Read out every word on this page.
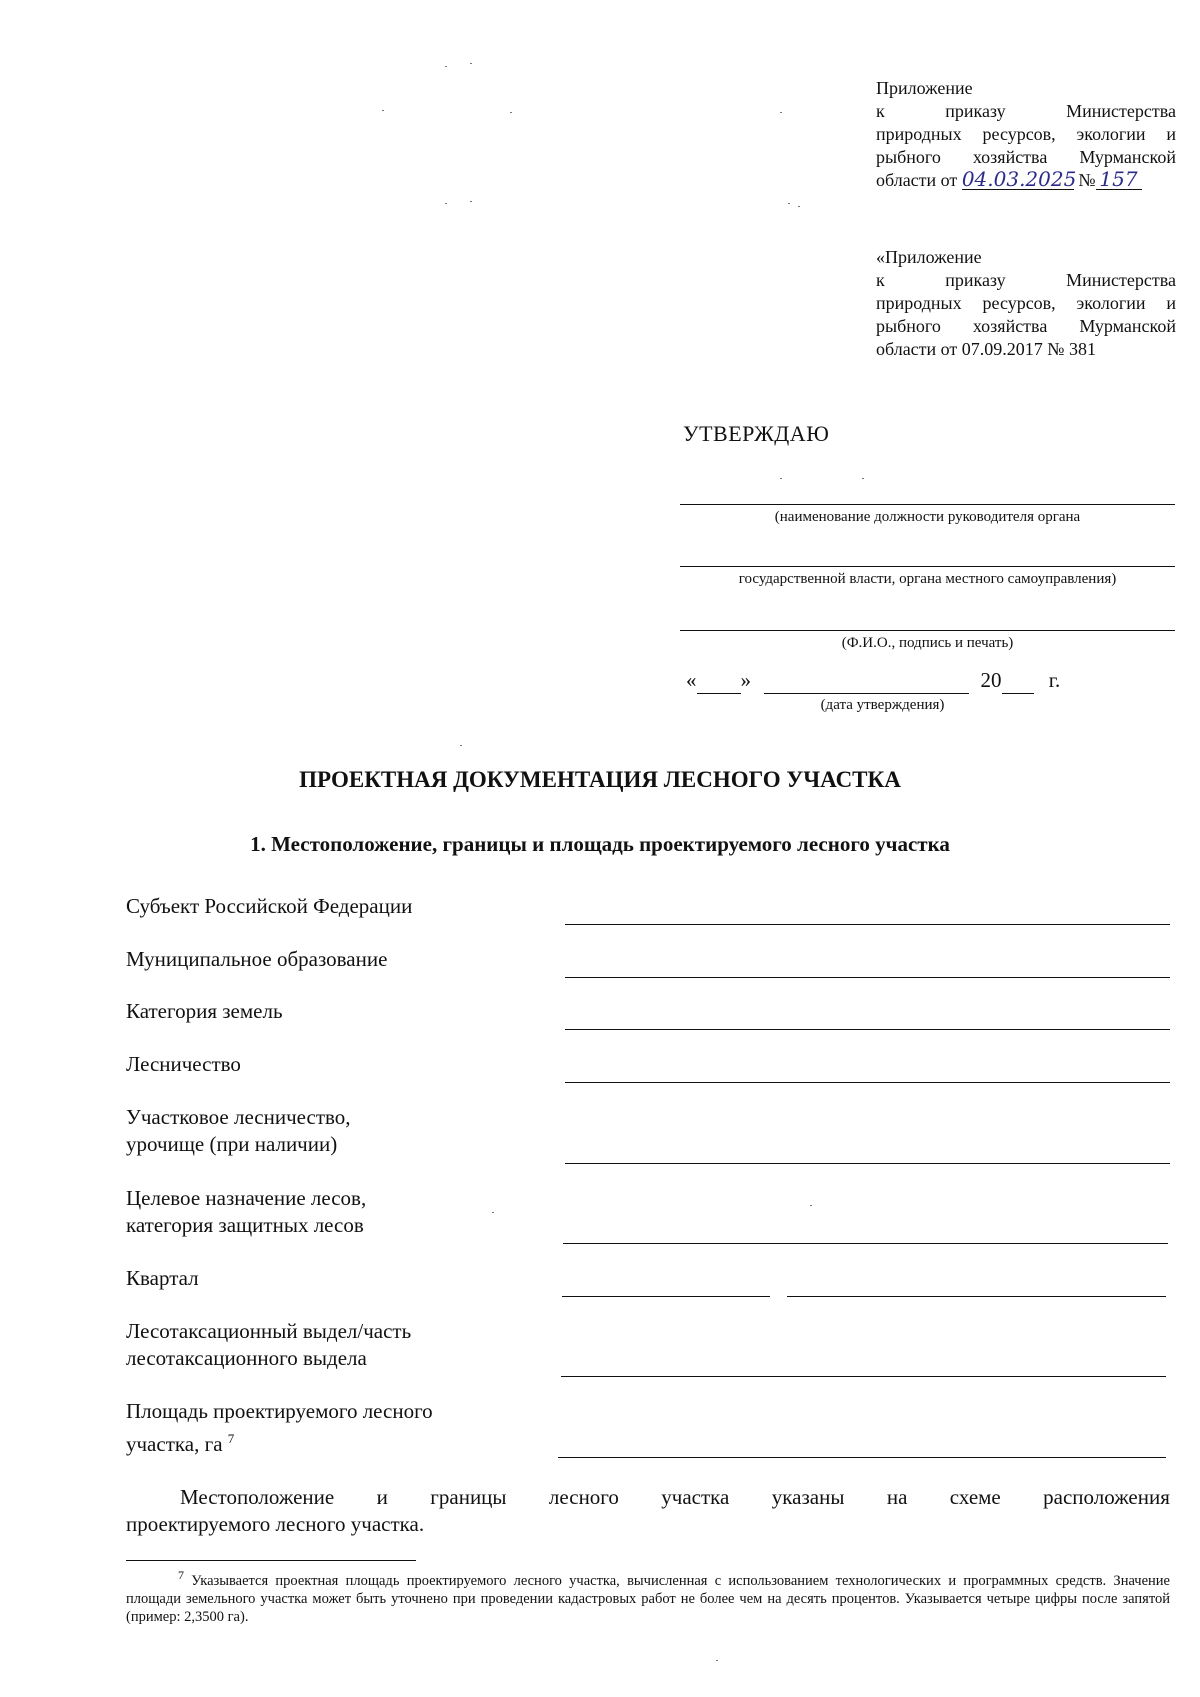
Приложение
к	приказу	Министерства
природных ресурсов, экологии и
рыбного хозяйства Мурманской
области от 04.03.2025 № 157
«Приложение
к	приказу	Министерства
природных ресурсов, экологии и
рыбного хозяйства Мурманской
области от 07.09.2017 № 381
УТВЕРЖДАЮ
(наименование должности руководителя органа
государственной власти, органа местного самоуправления)
(Ф.И.О., подпись и печать)
« »	20 г.
(дата утверждения)
ПРОЕКТНАЯ ДОКУМЕНТАЦИЯ ЛЕСНОГО УЧАСТКА
1. Местоположение, границы и площадь проектируемого лесного участка
Субъект Российской Федерации
Муниципальное образование
Категория земель
Лесничество
Участковое лесничество,
урочище (при наличии)
Целевое назначение лесов,
категория защитных лесов
Квартал
Лесотаксационный выдел/часть
лесотаксационного выдела
Площадь проектируемого лесного
участка, га $^7$
Местоположение и границы лесного участка указаны на схеме расположения
проектируемого лесного участка.
$^7$ Указывается проектная площадь проектируемого лесного участка, вычисленная с использованием технологических и программных средств. Значение площади земельного участка может быть уточнено при проведении кадастровых работ не более чем на десять процентов. Указывается четыре цифры после запятой (пример: 2,3500 га).
